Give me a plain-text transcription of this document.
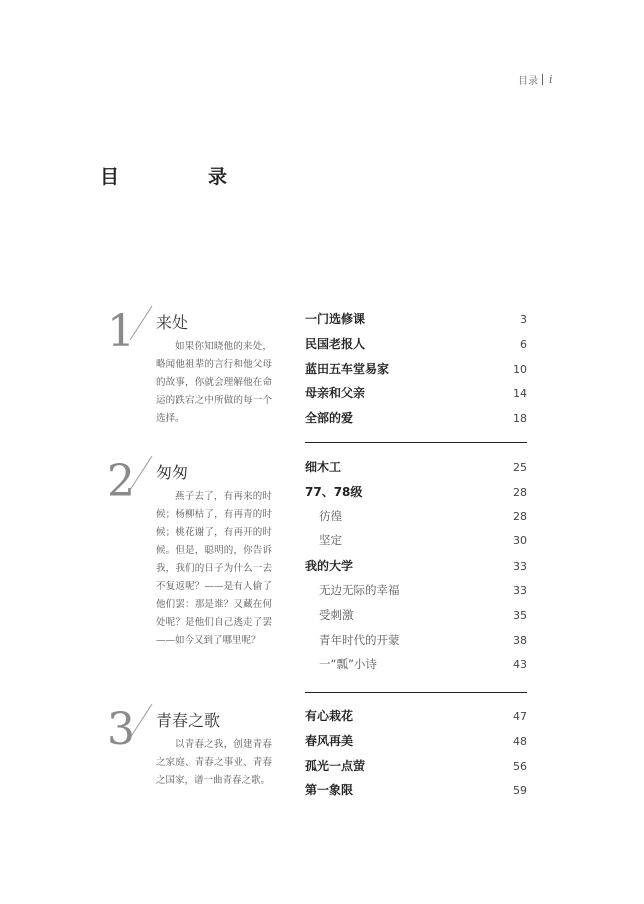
目录 i
目　录
1 来处
如果你知晓他的来处，略闻他祖辈的言行和他父母的故事，你就会理解他在命运的跌宕之中所做的每一个选择。
一门选修课	3
民国老报人	6
蓝田五车堂易家	10
母亲和父亲	14
全部的爱	18
2 匆匆
燕子去了，有再来的时候；杨柳枯了，有再青的时候；桃花谢了，有再开的时候。但是，聪明的，你告诉我，我们的日子为什么一去不复返呢？——是有人偷了他们罢：那是谁？又藏在何处呢？是他们自己逃走了罢——如今又到了哪里呢？
细木工	25
77、78级	28
彷徨	28
坚定	30
我的大学	33
无边无际的幸福	33
受刺激	35
青年时代的开蒙	38
一“瓢”小诗	43
3 青春之歌
以青春之我，创建青春之家庭、青春之事业、青春之国家，谱一曲青春之歌。
有心栽花	47
春风再美	48
孤光一点萤	56
第一象限	59
